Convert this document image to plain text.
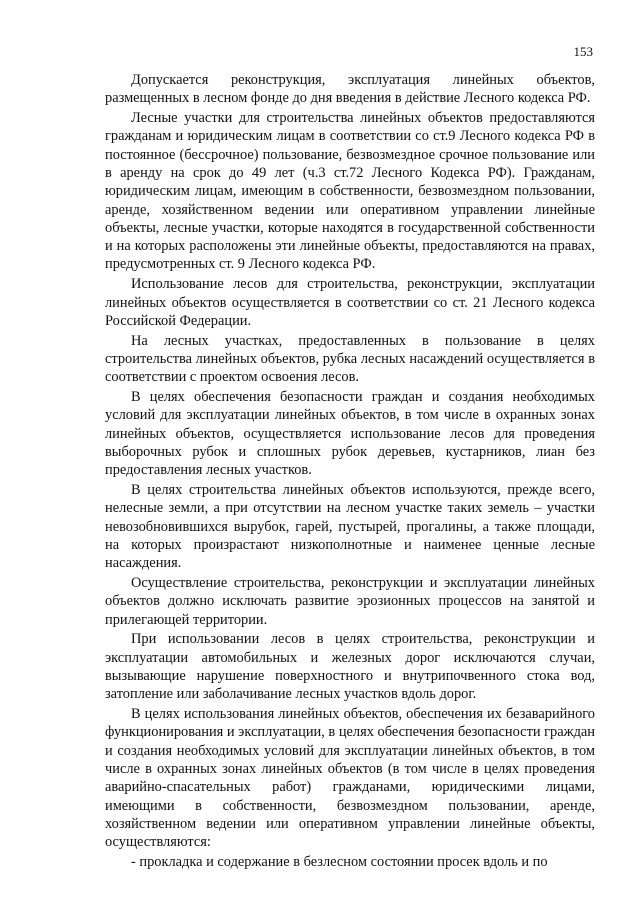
153

Допускается реконструкция, эксплуатация линейных объектов, размещенных в лесном фонде до дня введения в действие Лесного кодекса РФ.

Лесные участки для строительства линейных объектов предоставляются гражданам и юридическим лицам в соответствии со ст.9 Лесного кодекса РФ в постоянное (бессрочное) пользование, безвозмездное срочное пользование или в аренду на срок до 49 лет (ч.3 ст.72 Лесного Кодекса РФ). Гражданам, юридическим лицам, имеющим в собственности, безвозмездном пользовании, аренде, хозяйственном ведении или оперативном управлении линейные объекты, лесные участки, которые находятся в государственной собственности и на которых расположены эти линейные объекты, предоставляются на правах, предусмотренных ст. 9 Лесного кодекса РФ.

Использование лесов для строительства, реконструкции, эксплуатации линейных объектов осуществляется в соответствии со ст. 21 Лесного кодекса Российской Федерации.

На лесных участках, предоставленных в пользование в целях строительства линейных объектов, рубка лесных насаждений осуществляется в соответствии с проектом освоения лесов.

В целях обеспечения безопасности граждан и создания необходимых условий для эксплуатации линейных объектов, в том числе в охранных зонах линейных объектов, осуществляется использование лесов для проведения выборочных рубок и сплошных рубок деревьев, кустарников, лиан без предоставления лесных участков.

В целях строительства линейных объектов используются, прежде всего, нелесные земли, а при отсутствии на лесном участке таких земель – участки невозобновившихся вырубок, гарей, пустырей, прогалины, а также площади, на которых произрастают низкополнотные и наименее ценные лесные насаждения.

Осуществление строительства, реконструкции и эксплуатации линейных объектов должно исключать развитие эрозионных процессов на занятой и прилегающей территории.

При использовании лесов в целях строительства, реконструкции и эксплуатации автомобильных и железных дорог исключаются случаи, вызывающие нарушение поверхностного и внутрипочвенного стока вод, затопление или заболачивание лесных участков вдоль дорог.

В целях использования линейных объектов, обеспечения их безаварийного функционирования и эксплуатации, в целях обеспечения безопасности граждан и создания необходимых условий для эксплуатации линейных объектов, в том числе в охранных зонах линейных объектов (в том числе в целях проведения аварийно-спасательных работ) гражданами, юридическими лицами, имеющими в собственности, безвозмездном пользовании, аренде, хозяйственном ведении или оперативном управлении линейные объекты, осуществляются:

- прокладка и содержание в безлесном состоянии просек вдоль и по
